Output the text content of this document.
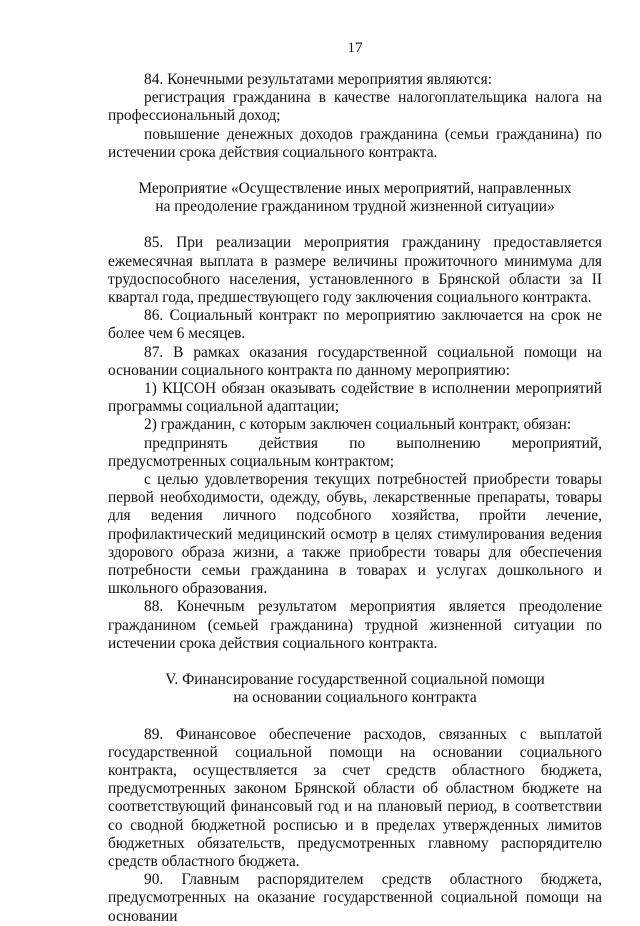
17

84. Конечными результатами мероприятия являются:

регистрация гражданина в качестве налогоплательщика налога на профессиональный доход;

повышение денежных доходов гражданина (семьи гражданина) по истечении срока действия социального контракта.

Мероприятие «Осуществление иных мероприятий, направленных

на преодоление гражданином трудной жизненной ситуации»

85. При реализации мероприятия гражданину предоставляется ежемесячная выплата в размере величины прожиточного минимума для трудоспособного населения, установленного в Брянской области за II квартал года, предшествующего году заключения социального контракта.

86. Социальный контракт по мероприятию заключается на срок не более чем 6 месяцев.

87. В рамках оказания государственной социальной помощи на основании социального контракта по данному мероприятию:

1) КЦСОН обязан оказывать содействие в исполнении мероприятий программы социальной адаптации;

2) гражданин, с которым заключен социальный контракт, обязан:

предпринять действия по выполнению мероприятий, предусмотренных социальным контрактом;

с целью удовлетворения текущих потребностей приобрести товары первой необходимости, одежду, обувь, лекарственные препараты, товары для ведения личного подсобного хозяйства, пройти лечение, профилактический медицинский осмотр в целях стимулирования ведения здорового образа жизни, а также приобрести товары для обеспечения потребности семьи гражданина в товарах и услугах дошкольного и школьного образования.

88. Конечным результатом мероприятия является преодоление гражданином (семьей гражданина) трудной жизненной ситуации по истечении срока действия социального контракта.

V. Финансирование государственной социальной помощи

на основании социального контракта

89. Финансовое обеспечение расходов, связанных с выплатой государственной социальной помощи на основании социального контракта, осуществляется за счет средств областного бюджета, предусмотренных законом Брянской области об областном бюджете на соответствующий финансовый год и на плановый период, в соответствии со сводной бюджетной росписью и в пределах утвержденных лимитов бюджетных обязательств, предусмотренных главному распорядителю средств областного бюджета.

90. Главным распорядителем средств областного бюджета, предусмотренных на оказание государственной социальной помощи на основании
